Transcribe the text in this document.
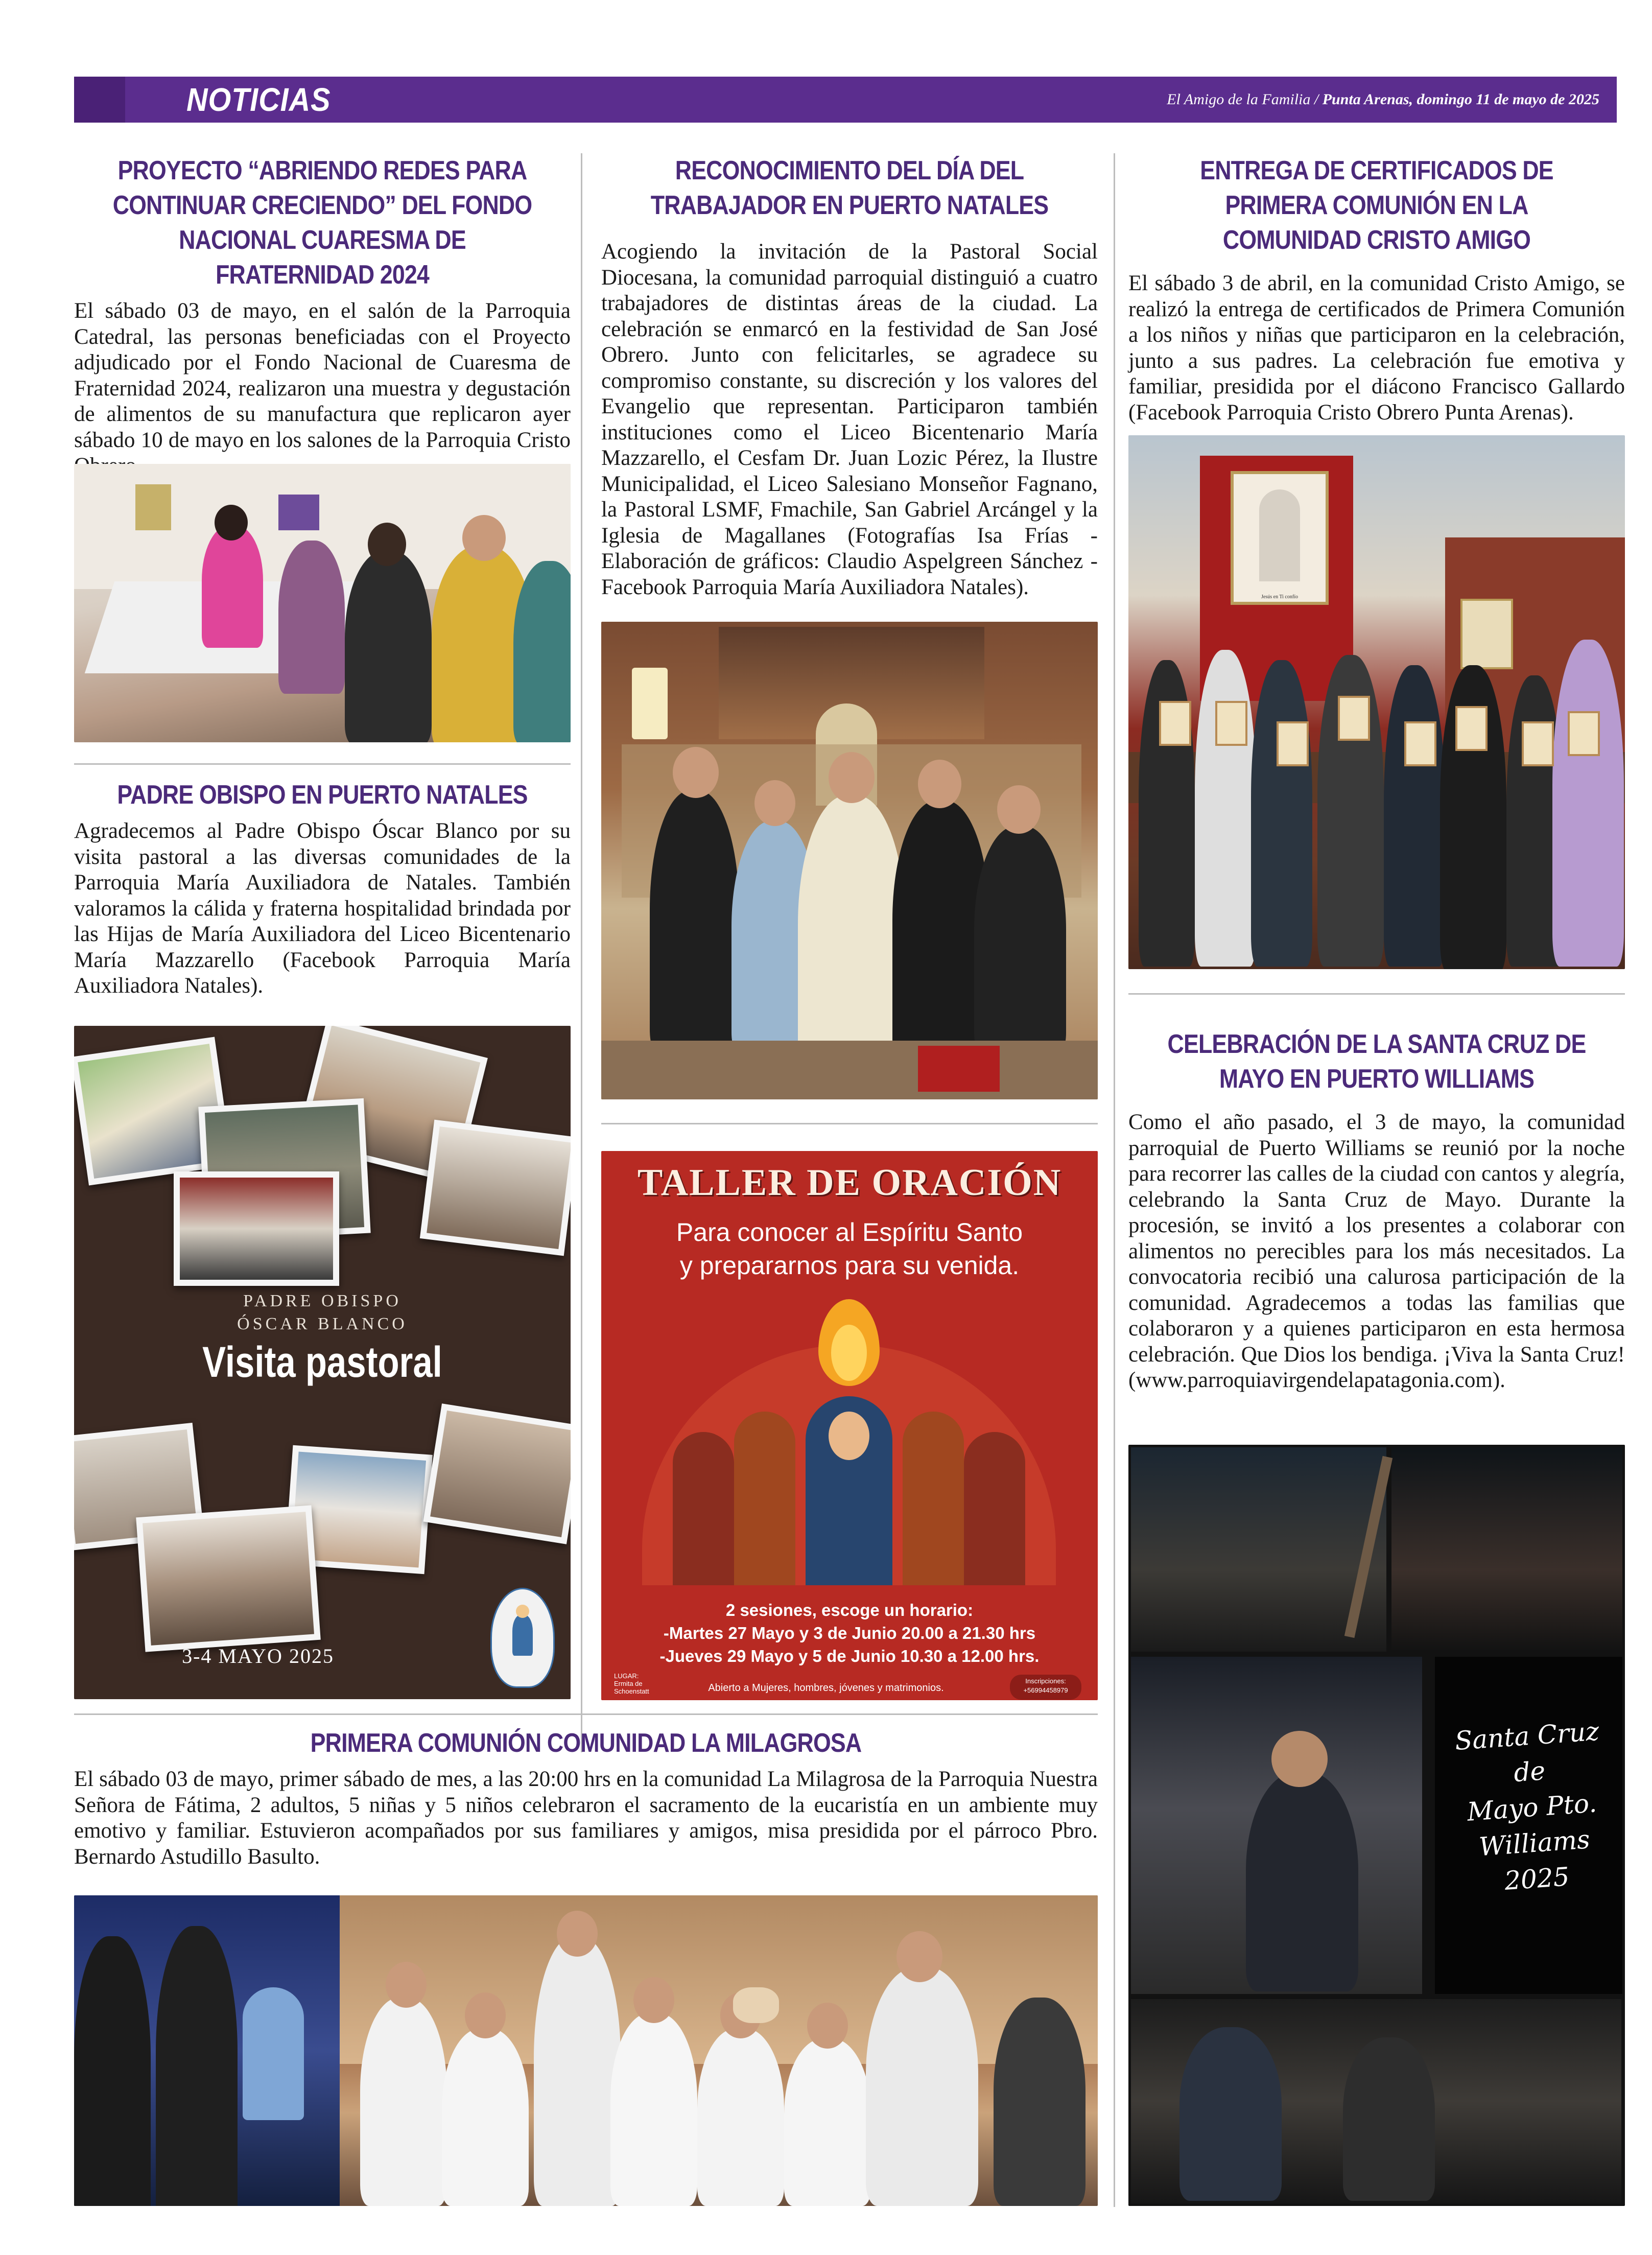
NOTICIAS	El Amigo de la Familia / Punta Arenas, domingo 11 de mayo de 2025
PROYECTO “ABRIENDO REDES PARA CONTINUAR CRECIENDO” DEL FONDO NACIONAL CUARESMA DE FRATERNIDAD 2024

El sábado 03 de mayo, en el salón de la Parroquia Catedral, las personas beneficiadas con el Proyecto adjudicado por el Fondo Nacional de Cuaresma de Fraternidad 2024, realizaron una muestra y degustación de alimentos de su manufactura que replicaron ayer sábado 10 de mayo en los salones de la Parroquia Cristo

PADRE OBISPO EN PUERTO NATALES

Agradecemos al Padre Obispo Óscar Blanco por su visita pastoral a las diversas comunidades de la Parroquia María Auxiliadora de Natales. También valoramos la cálida y fraterna hospitalidad brindada por las Hijas de María Auxiliadora del Liceo Bicentenario María Mazzarello (Facebook Parroquia María Auxiliadora Natales).

PADRE OBISPO
ÓSCAR BLANCO
Visita pastoral
3-4 MAYO 2025
RECONOCIMIENTO DEL DÍA DEL TRABAJADOR EN PUERTO NATALES

Acogiendo la invitación de la Pastoral Social Diocesana, la comunidad parroquial distinguió a cuatro trabajadores de distintas áreas de la ciudad. La celebración se enmarcó en la festividad de San José Obrero. Junto con felicitarles, se agradece su compromiso constante, su discreción y los valores del Evangelio que representan. Participaron también instituciones como el Liceo Bicentenario María Mazzarello, el Cesfam Dr. Juan Lozic Pérez, la Ilustre Municipalidad, el Liceo Salesiano Monseñor Fagnano, la Pastoral LSMF, Fmachile, San Gabriel Arcángel y la Iglesia de Magallanes (Fotografías Isa Frías - Elaboración de gráficos: Claudio Aspelgreen Sánchez - Facebook Parroquia María Auxiliadora Natales).

TALLER DE ORACIÓN
Para conocer al Espíritu Santo
y prepararnos para su venida.
2 sesiones, escoge un horario:
-Martes 27 Mayo y 3 de Junio 20.00 a 21.30 hrs
-Jueves 29 Mayo y 5 de Junio 10.30 a 12.00 hrs.
LUGAR:
Ermita de Schoenstatt	Abierto a Mujeres, hombres, jóvenes y matrimonios.
Inscripciones:
+56994458979
ENTREGA DE CERTIFICADOS DE PRIMERA COMUNIÓN EN LA COMUNIDAD CRISTO AMIGO

El sábado 3 de abril, en la comunidad Cristo Amigo, se realizó la entrega de certificados de Primera Comunión a los niños y niñas que participaron en la celebración, junto a sus padres. La celebración fue emotiva y familiar, presidida por el diácono Francisco Gallardo (Facebook Parroquia Cristo Obrero Punta Arenas).

Jesús en Ti confío
CELEBRACIÓN DE LA SANTA CRUZ DE MAYO EN PUERTO WILLIAMS

Como el año pasado, el 3 de mayo, la comunidad parroquial de Puerto Williams se reunió por la noche para recorrer las calles de la ciudad con cantos y alegría, celebrando la Santa Cruz de Mayo. Durante la procesión, se invitó a los presentes a colaborar con alimentos no perecibles para los más necesitados. La convocatoria recibió una calurosa participación de la comunidad. Agradecemos a todas las familias que colaboraron y a quienes participaron en esta hermosa celebración. Que Dios los bendiga. ¡Viva la Santa Cruz! (www.parroquiavirgendelapatagonia.com).

Santa Cruz de
Mayo Pto.
Williams 2025
PRIMERA COMUNIÓN COMUNIDAD LA MILAGROSA

El sábado 03 de mayo, primer sábado de mes, a las 20:00 hrs en la comunidad La Milagrosa de la Parroquia Nuestra Señora de Fátima, 2 adultos, 5 niñas y 5 niños celebraron el sacramento de la eucaristía en un ambiente muy emotivo y familiar. Estuvieron acompañados por sus familiares y amigos, misa presidida por el párroco Pbro. Bernardo Astudillo Basulto.
